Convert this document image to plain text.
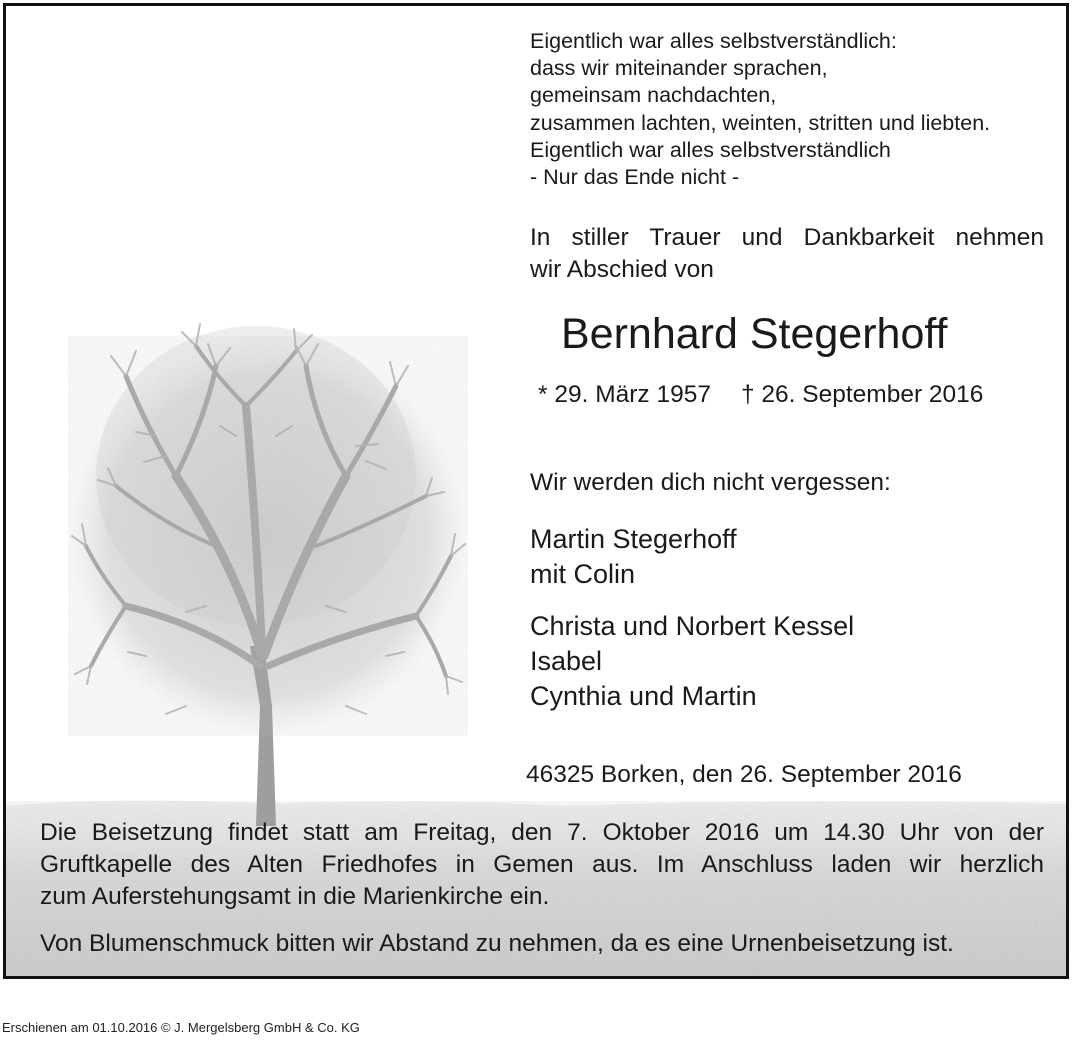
Eigentlich war alles selbstverständlich:
dass wir miteinander sprachen,
gemeinsam nachdachten,
zusammen lachten, weinten, stritten und liebten.
Eigentlich war alles selbstverständlich
- Nur das Ende nicht -
In stiller Trauer und Dankbarkeit nehmen
wir Abschied von
Bernhard Stegerhoff
* 29. März 1957 † 26. September 2016
Wir werden dich nicht vergessen:
Martin Stegerhoff
mit Colin
Christa und Norbert Kessel
Isabel
Cynthia und Martin
46325 Borken, den 26. September 2016
Die Beisetzung findet statt am Freitag, den 7. Oktober 2016 um 14.30 Uhr von der
Gruftkapelle des Alten Friedhofes in Gemen aus. Im Anschluss laden wir herzlich
zum Auferstehungsamt in die Marienkirche ein.
Von Blumenschmuck bitten wir Abstand zu nehmen, da es eine Urnenbeisetzung ist.
Erschienen am 01.10.2016 © J. Mergelsberg GmbH & Co. KG
